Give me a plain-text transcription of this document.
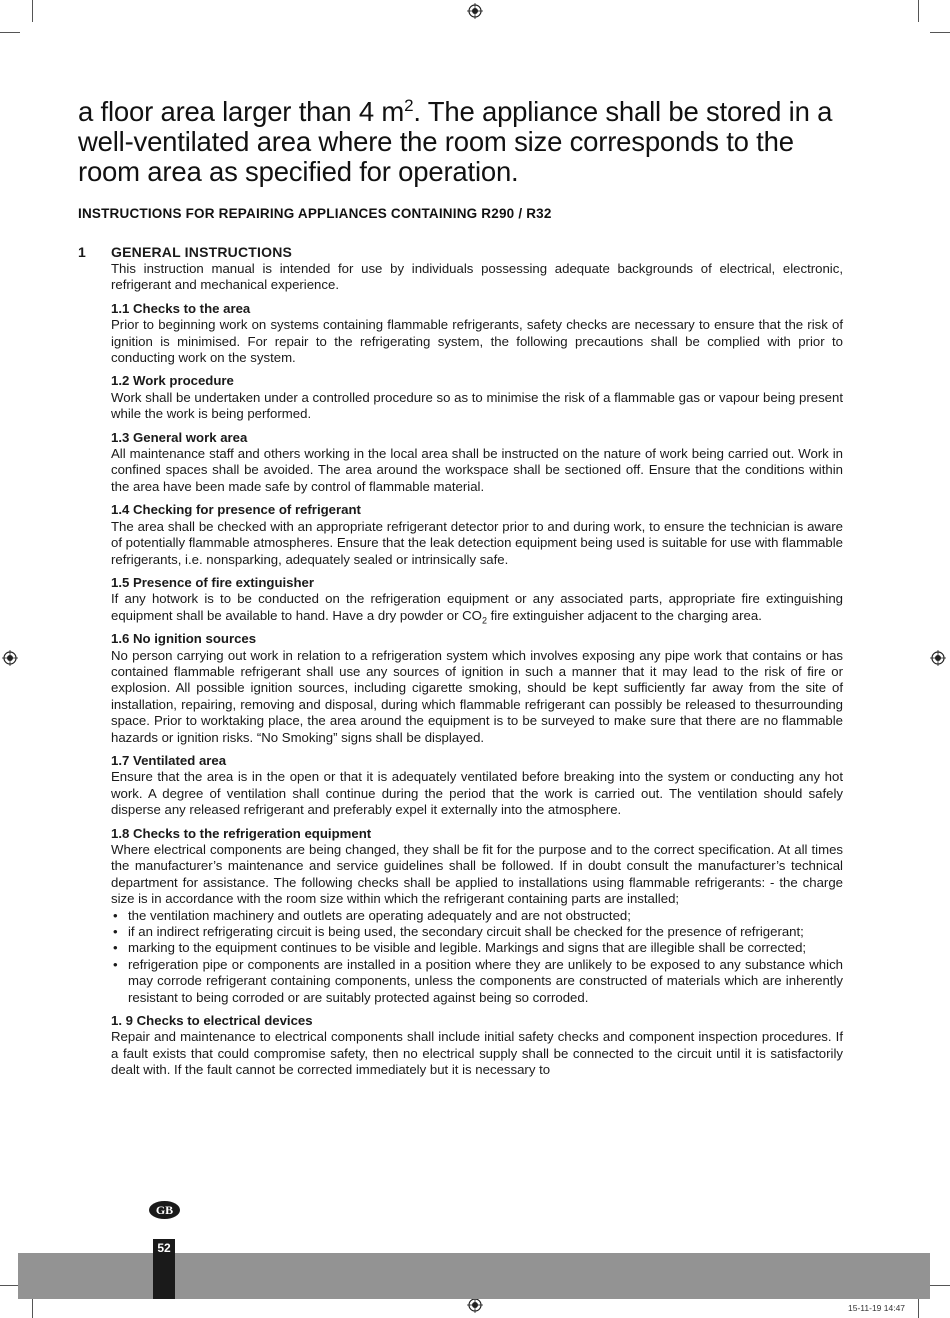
a floor area larger than 4 $m^2$. The appliance shall be stored in a well-ventilated area where the room size corresponds to the room area as specified for operation.
INSTRUCTIONS FOR REPAIRING APPLIANCES CONTAINING R290 / R32
1 GENERAL INSTRUCTIONS

This instruction manual is intended for use by individuals possessing adequate backgrounds of electrical, electronic, refrigerant and mechanical experience.

1.1 Checks to the area

Prior to beginning work on systems containing flammable refrigerants, safety checks are necessary to ensure that the risk of ignition is minimised. For repair to the refrigerating system, the following precautions shall be complied with prior to conducting work on the system.

1.2 Work procedure

Work shall be undertaken under a controlled procedure so as to minimise the risk of a flammable gas or vapour being present while the work is being performed.

1.3 General work area

All maintenance staff and others working in the local area shall be instructed on the nature of work being carried out. Work in confined spaces shall be avoided. The area around the workspace shall be sectioned off. Ensure that the conditions within the area have been made safe by control of flammable material.

1.4 Checking for presence of refrigerant

The area shall be checked with an appropriate refrigerant detector prior to and during work, to ensure the technician is aware of potentially flammable atmospheres. Ensure that the leak detection equipment being used is suitable for use with flammable refrigerants, i.e. nonsparking, adequately sealed or intrinsically safe.

1.5 Presence of fire extinguisher

If any hotwork is to be conducted on the refrigeration equipment or any associated parts, appropriate fire extinguishing equipment shall be available to hand. Have a dry powder or $CO_2$ fire extinguisher adjacent to the charging area.

1.6 No ignition sources

No person carrying out work in relation to a refrigeration system which involves exposing any pipe work that contains or has contained flammable refrigerant shall use any sources of ignition in such a manner that it may lead to the risk of fire or explosion. All possible ignition sources, including cigarette smoking, should be kept sufficiently far away from the site of installation, repairing, removing and disposal, during which flammable refrigerant can possibly be released to thesurrounding space. Prior to worktaking place, the area around the equipment is to be surveyed to make sure that there are no flammable hazards or ignition risks. “No Smoking” signs shall be displayed.

1.7 Ventilated area

Ensure that the area is in the open or that it is adequately ventilated before breaking into the system or conducting any hot work. A degree of ventilation shall continue during the period that the work is carried out. The ventilation should safely disperse any released refrigerant and preferably expel it externally into the atmosphere.

1.8 Checks to the refrigeration equipment

Where electrical components are being changed, they shall be fit for the purpose and to the correct specification. At all times the manufacturer’s maintenance and service guidelines shall be followed. If in doubt consult the manufacturer’s technical department for assistance. The following checks shall be applied to installations using flammable refrigerants: - the charge size is in accordance with the room size within which the refrigerant containing parts are installed;

• the ventilation machinery and outlets are operating adequately and are not obstructed;
• if an indirect refrigerating circuit is being used, the secondary circuit shall be checked for the presence of refrigerant;
• marking to the equipment continues to be visible and legible. Markings and signs that are illegible shall be corrected;
• refrigeration pipe or components are installed in a position where they are unlikely to be exposed to any substance which may corrode refrigerant containing components, unless the components are constructed of materials which are inherently resistant to being corroded or are suitably protected against being so corroded.
1. 9 Checks to electrical devices

Repair and maintenance to electrical components shall include initial safety checks and component inspection procedures. If a fault exists that could compromise safety, then no electrical supply shall be connected to the circuit until it is satisfactorily dealt with. If the fault cannot be corrected immediately but it is necessary to

GB
52
15-11-19 14:47
